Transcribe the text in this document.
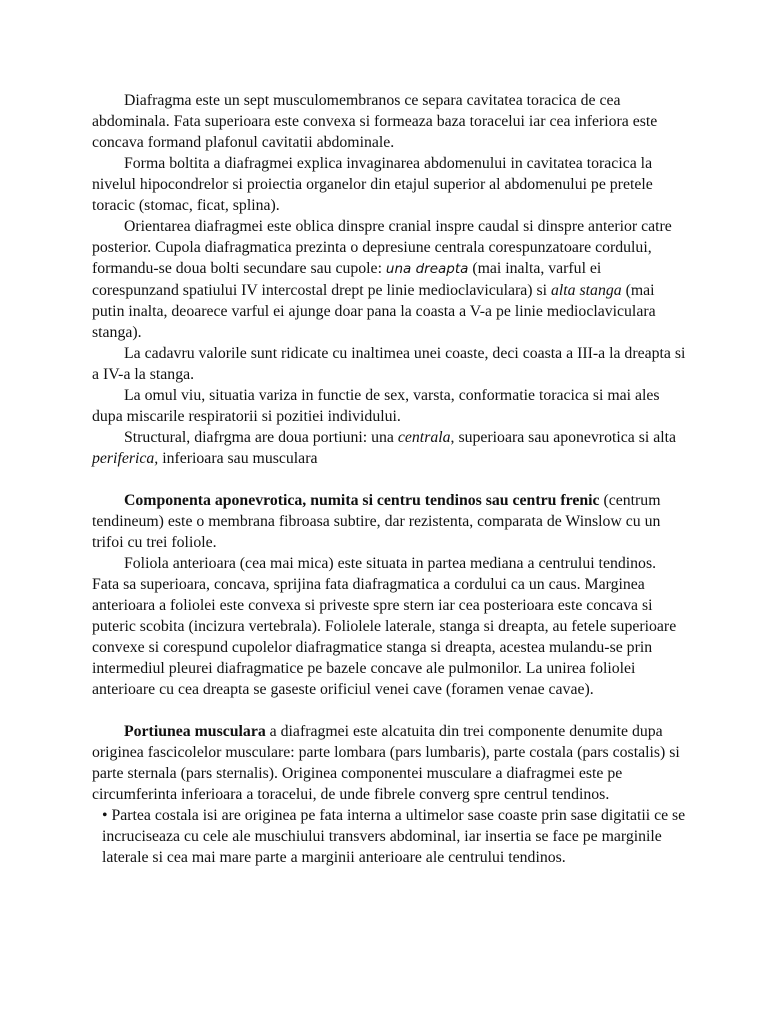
Diafragma este un sept musculomembranos ce separa cavitatea toracica de cea abdominala. Fata superioara este convexa si formeaza baza toracelui iar cea inferiora este concava formand plafonul cavitatii abdominale.

Forma boltita a diafragmei explica invaginarea abdomenului in cavitatea toracica la nivelul hipocondrelor si proiectia organelor din etajul superior al abdomenului pe pretele toracic (stomac, ficat, splina).

Orientarea diafragmei este oblica dinspre cranial inspre caudal si dinspre anterior catre posterior. Cupola diafragmatica prezinta o depresiune centrala corespunzatoare cordului, formandu-se doua bolti secundare sau cupole: una dreapta (mai inalta, varful ei corespunzand spatiului IV intercostal drept pe linie medioclaviculara) si alta stanga (mai putin inalta, deoarece varful ei ajunge doar pana la coasta a V-a pe linie medioclaviculara stanga).

La cadavru valorile sunt ridicate cu inaltimea unei coaste, deci coasta a III-a la dreapta si a IV-a la stanga.

La omul viu, situatia variza in functie de sex, varsta, conformatie toracica si mai ales dupa miscarile respiratorii si pozitiei individului.

Structural, diafrgma are doua portiuni: una centrala, superioara sau aponevrotica si alta periferica, inferioara sau musculara

Componenta aponevrotica, numita si centru tendinos sau centru frenic (centrum tendineum) este o membrana fibroasa subtire, dar rezistenta, comparata de Winslow cu un trifoi cu trei foliole.

Foliola anterioara (cea mai mica) este situata in partea mediana a centrului tendinos. Fata sa superioara, concava, sprijina fata diafragmatica a cordului ca un caus. Marginea anterioara a foliolei este convexa si priveste spre stern iar cea posterioara este concava si puteric scobita (incizura vertebrala). Foliolele laterale, stanga si dreapta, au fetele superioare convexe si corespund cupolelor diafragmatice stanga si dreapta, acestea mulandu-se prin intermediul pleurei diafragmatice pe bazele concave ale pulmonilor. La unirea foliolei anterioare cu cea dreapta se gaseste orificiul venei cave (foramen venae cavae).

Portiunea musculara a diafragmei este alcatuita din trei componente denumite dupa originea fascicolelor musculare: parte lombara (pars lumbaris), parte costala (pars costalis) si parte sternala (pars sternalis). Originea componentei musculare a diafragmei este pe circumferinta inferioara a toracelui, de unde fibrele converg spre centrul tendinos.

• Partea costala isi are originea pe fata interna a ultimelor sase coaste prin sase digitatii ce se incruciseaza cu cele ale muschiului transvers abdominal, iar insertia se face pe marginile laterale si cea mai mare parte a marginii anterioare ale centrului tendinos.
